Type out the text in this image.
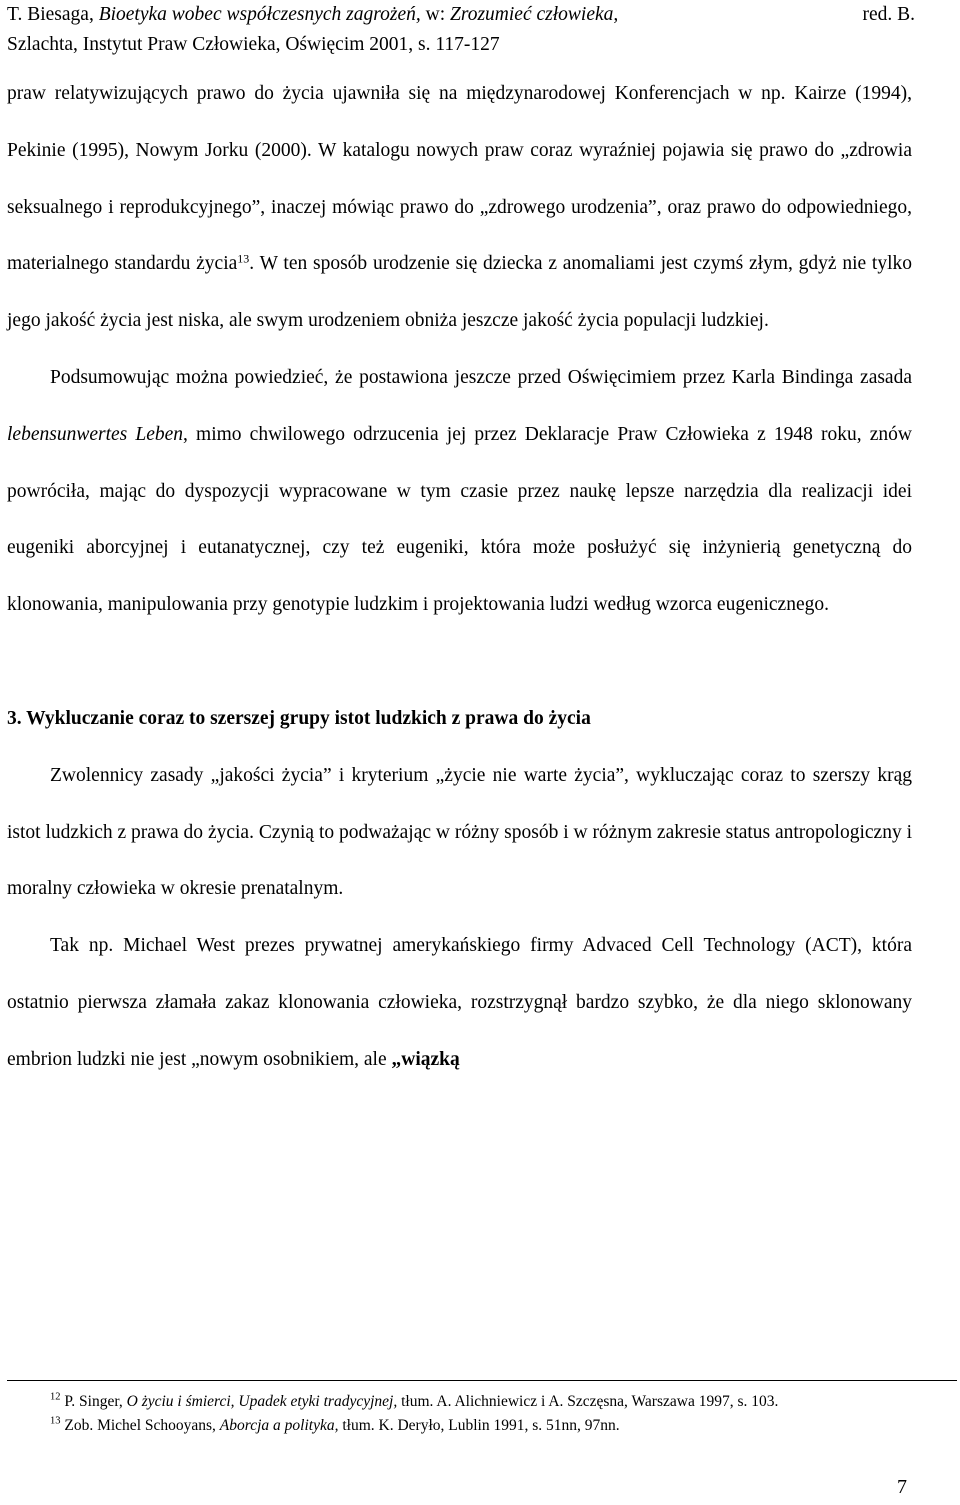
T. Biesaga, Bioetyka wobec współczesnych zagrożeń, w: Zrozumieć człowieka,	red. B.
Szlachta, Instytut Praw Człowieka, Oświęcim 2001, s. 117-127

praw relatywizujących prawo do życia ujawniła się na międzynarodowej Konferencjach w np. Kairze (1994), Pekinie (1995), Nowym Jorku (2000). W katalogu nowych praw coraz wyraźniej pojawia się prawo do „zdrowia seksualnego i reprodukcyjnego”, inaczej mówiąc prawo do „zdrowego urodzenia”, oraz prawo do odpowiedniego, materialnego standardu życia$^{13}$. W ten sposób urodzenie się dziecka z anomaliami jest czymś złym, gdyż nie tylko jego jakość życia jest niska, ale swym urodzeniem obniża jeszcze jakość życia populacji ludzkiej.

Podsumowując można powiedzieć, że postawiona jeszcze przed Oświęcimiem przez Karla Bindinga zasada lebensunwertes Leben, mimo chwilowego odrzucenia jej przez Deklaracje Praw Człowieka z 1948 roku, znów powróciła, mając do dyspozycji wypracowane w tym czasie przez naukę lepsze narzędzia dla realizacji idei eugeniki aborcyjnej i eutanatycznej, czy też eugeniki, która może posłużyć się inżynierią genetyczną do klonowania, manipulowania przy genotypie ludzkim i projektowania ludzi według wzorca eugenicznego.

3. Wykluczanie coraz to szerszej grupy istot ludzkich z prawa do życia

Zwolennicy zasady „jakości życia” i kryterium „życie nie warte życia”, wykluczając coraz to szerszy krąg istot ludzkich z prawa do życia. Czynią to podważając w różny sposób i w różnym zakresie status antropologiczny i moralny człowieka w okresie prenatalnym.

Tak np. Michael West prezes prywatnej amerykańskiego firmy Advaced Cell Technology (ACT), która ostatnio pierwsza złamała zakaz klonowania człowieka, rozstrzygnął bardzo szybko, że dla niego sklonowany embrion ludzki nie jest „nowym osobnikiem, ale „wiązką

$^{12}$ P. Singer, O życiu i śmierci, Upadek etyki tradycyjnej, tłum. A. Alichniewicz i A. Szczęsna, Warszawa 1997, s. 103.

$^{13}$ Zob. Michel Schooyans, Aborcja a polityka, tłum. K. Deryło, Lublin 1991, s. 51nn, 97nn.

7
